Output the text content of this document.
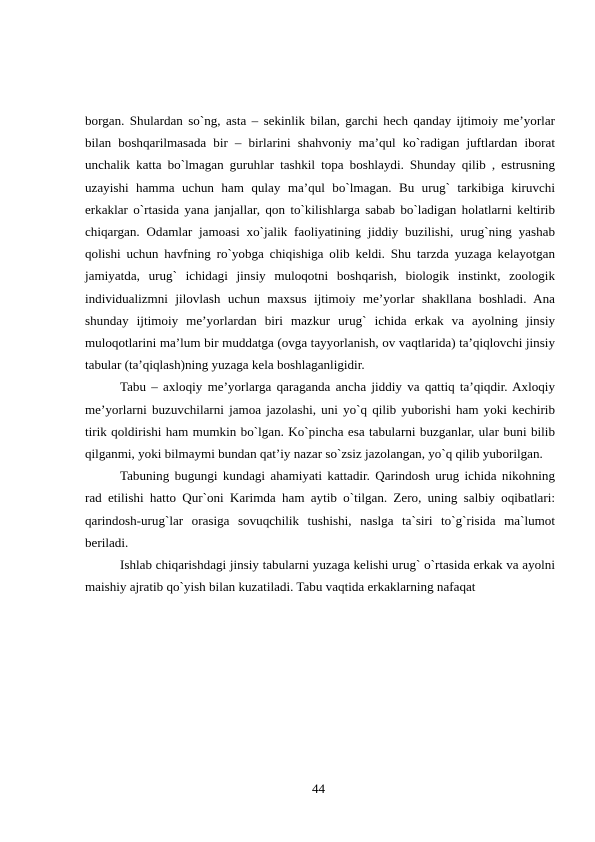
borgan. Shulardan so`ng, asta – sekinlik bilan, garchi hech qanday ijtimoiy me’yorlar bilan boshqarilmasada bir – birlarini shahvoniy ma’qul ko`radigan juftlardan iborat unchalik katta bo`lmagan guruhlar tashkil topa boshlaydi. Shunday qilib , estrusning uzayishi hamma uchun ham qulay ma’qul bo`lmagan. Bu urug` tarkibiga kiruvchi erkaklar o`rtasida yana janjallar, qon to`kilishlarga sabab bo`ladigan holatlarni keltirib chiqargan. Odamlar jamoasi xo`jalik faoliyatining jiddiy buzilishi, urug`ning yashab qolishi uchun havfning ro`yobga chiqishiga olib keldi. Shu tarzda yuzaga kelayotgan jamiyatda, urug` ichidagi jinsiy muloqotni boshqarish, biologik instinkt, zoologik individualizmni jilovlash uchun maxsus ijtimoiy me’yorlar shakllana boshladi. Ana shunday ijtimoiy me’yorlardan biri mazkur urug` ichida erkak va ayolning jinsiy muloqotlarini ma’lum bir muddatga (ovga tayyorlanish, ov vaqtlarida) ta’qiqlovchi jinsiy tabular (ta’qiqlash)ning yuzaga kela boshlaganligidir.

Tabu – axloqiy me’yorlarga qaraganda ancha jiddiy va qattiq ta’qiqdir. Axloqiy me’yorlarni buzuvchilarni jamoa jazolashi, uni yo`q qilib yuborishi ham yoki kechirib tirik qoldirishi ham mumkin bo`lgan. Ko`pincha esa tabularni buzganlar, ular buni bilib qilganmi, yoki bilmaymi bundan qat’iy nazar so`zsiz jazolangan, yo`q qilib yuborilgan.

Tabuning bugungi kundagi ahamiyati kattadir. Qarindosh urug ichida nikohning rad etilishi hatto Qur`oni Karimda ham aytib o`tilgan. Zero, uning salbiy oqibatlari: qarindosh-urug`lar orasiga sovuqchilik tushishi, naslga ta`siri to`g`risida ma`lumot beriladi.

Ishlab chiqarishdagi jinsiy tabularni yuzaga kelishi urug` o`rtasida erkak va ayolni maishiy ajratib qo`yish bilan kuzatiladi. Tabu vaqtida erkaklarning nafaqat

44
